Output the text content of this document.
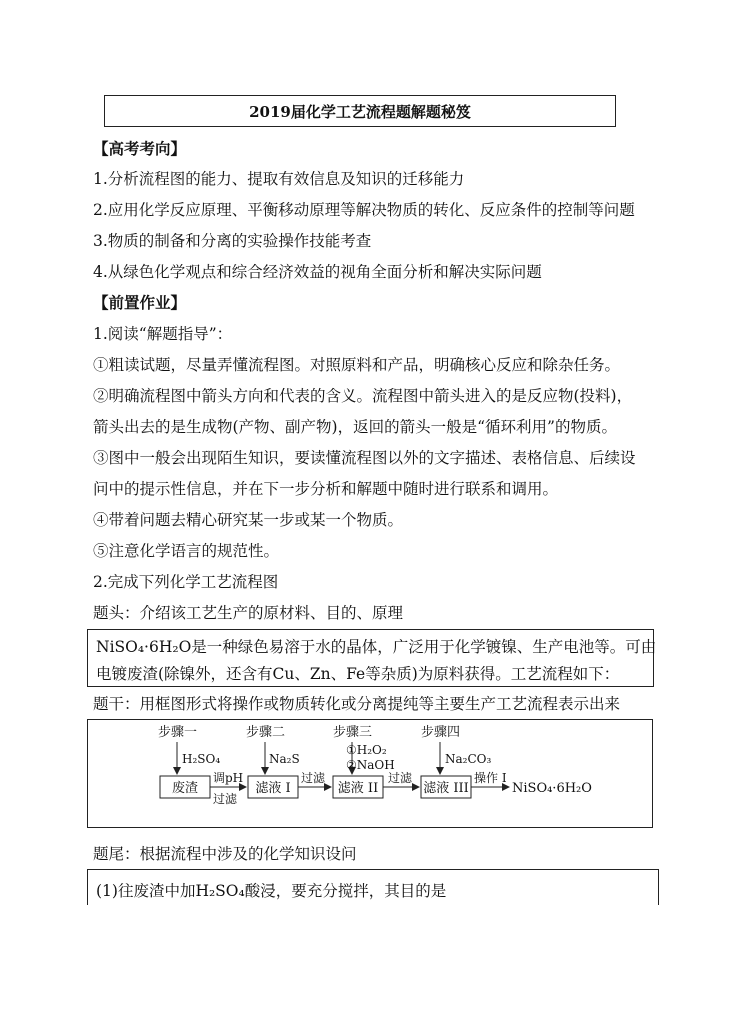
2019届化学工艺流程题解题秘笈
【高考考向】
1.分析流程图的能力、提取有效信息及知识的迁移能力
2.应用化学反应原理、平衡移动原理等解决物质的转化、反应条件的控制等问题
3.物质的制备和分离的实验操作技能考查
4.从绿色化学观点和综合经济效益的视角全面分析和解决实际问题
【前置作业】
1.阅读“解题指导”：
①粗读试题，尽量弄懂流程图。对照原料和产品，明确核心反应和除杂任务。
②明确流程图中箭头方向和代表的含义。流程图中箭头进入的是反应物(投料)，
箭头出去的是生成物(产物、副产物)，返回的箭头一般是“循环利用”的物质。
③图中一般会出现陌生知识，要读懂流程图以外的文字描述、表格信息、后续设
问中的提示性信息，并在下一步分析和解题中随时进行联系和调用。
④带着问题去精心研究某一步或某一个物质。
⑤注意化学语言的规范性。
2.完成下列化学工艺流程图
题头：介绍该工艺生产的原材料、目的、原理
NiSO₄·6H₂O是一种绿色易溶于水的晶体，广泛用于化学镀镍、生产电池等。可由
电镀废渣(除镍外，还含有Cu、Zn、Fe等杂质)为原料获得。工艺流程如下：
题干：用框图形式将操作或物质转化或分离提纯等主要生产工艺流程表示出来
步骤一	步骤二	步骤三	步骤四
H₂SO₄	Na₂S
①H₂O₂
②NaOH	Na₂CO₃
废渣	滤液 I	滤液 II	滤液 III
调pH
过滤
过滤	过滤	操作 I
NiSO₄·6H₂O
题尾：根据流程中涉及的化学知识设问
(1)往废渣中加H₂SO₄酸浸，要充分搅拌，其目的是
